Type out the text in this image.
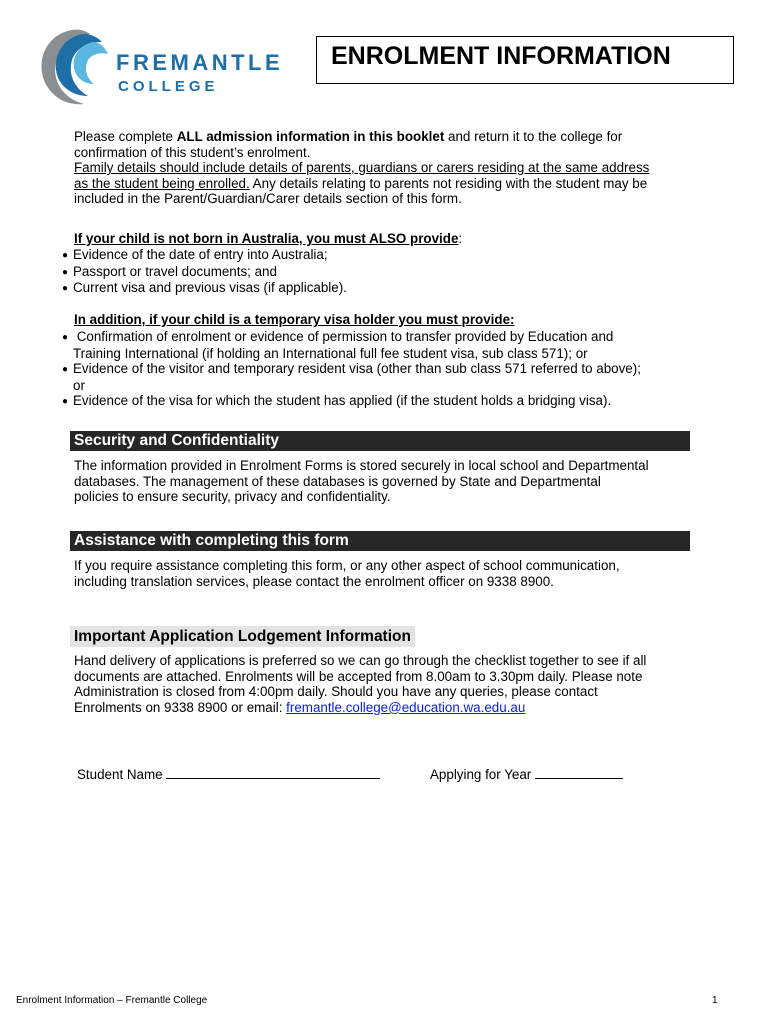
FREMANTLE
COLLEGE
ENROLMENT INFORMATION
Please complete ALL admission information in this booklet and return it to the college for
confirmation of this student’s enrolment.
Family details should include details of parents, guardians or carers residing at the same address
as the student being enrolled. Any details relating to parents not residing with the student may be
included in the Parent/Guardian/Carer details section of this form.
If your child is not born in Australia, you must ALSO provide:
● Evidence of the date of entry into Australia;
● Passport or travel documents; and
● Current visa and previous visas (if applicable).
In addition, if your child is a temporary visa holder you must provide:
● Confirmation of enrolment or evidence of permission to transfer provided by Education and
Training International (if holding an International full fee student visa, sub class 571); or
● Evidence of the visitor and temporary resident visa (other than sub class 571 referred to above);
or
● Evidence of the visa for which the student has applied (if the student holds a bridging visa).
Security and Confidentiality
The information provided in Enrolment Forms is stored securely in local school and Departmental
databases. The management of these databases is governed by State and Departmental
policies to ensure security, privacy and confidentiality.
Assistance with completing this form
If you require assistance completing this form, or any other aspect of school communication,
including translation services, please contact the enrolment officer on 9338 8900.
Important Application Lodgement Information
Hand delivery of applications is preferred so we can go through the checklist together to see if all
documents are attached. Enrolments will be accepted from 8.00am to 3.30pm daily. Please note
Administration is closed from 4:00pm daily. Should you have any queries, please contact
Enrolments on 9338 8900 or email: fremantle.college@education.wa.edu.au
Student Name	Applying for Year
Enrolment Information – Fremantle College	1
